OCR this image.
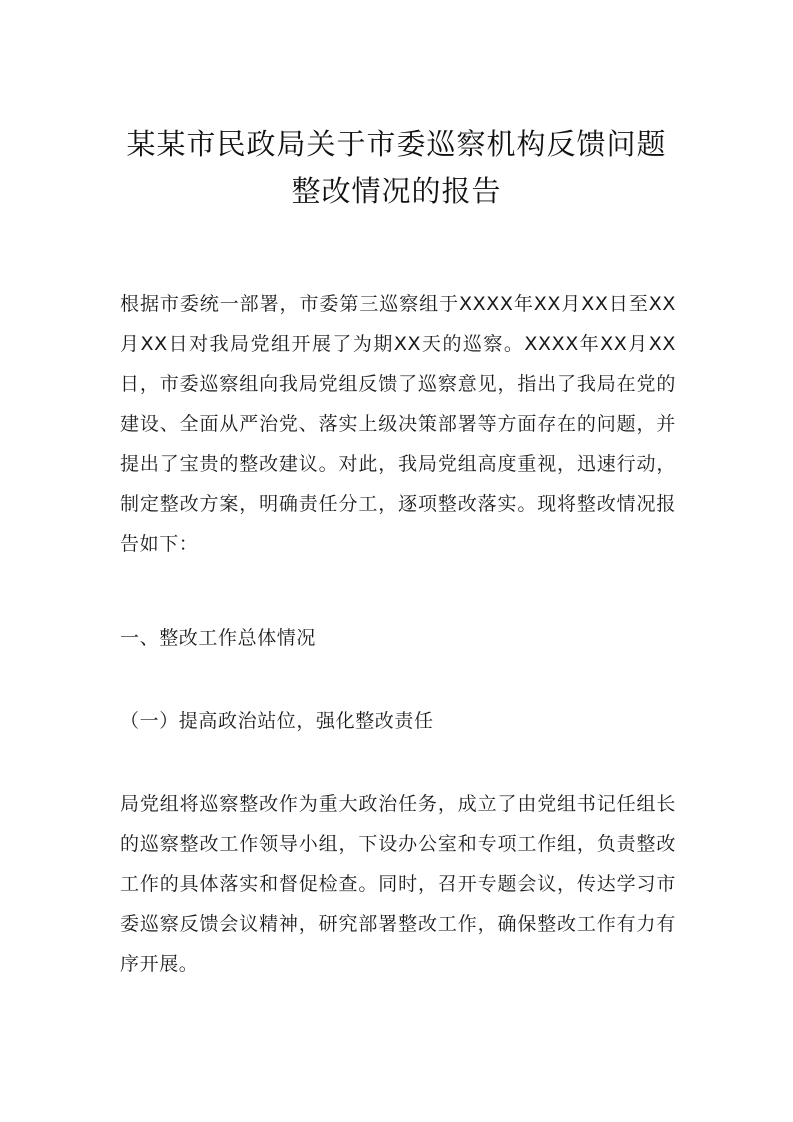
某某市民政局关于市委巡察机构反馈问题
整改情况的报告

根据市委统一部署，市委第三巡察组于XXXX年XX月XX日至XX月XX日对我局党组开展了为期XX天的巡察。XXXX年XX月XX日，市委巡察组向我局党组反馈了巡察意见，指出了我局在党的建设、全面从严治党、落实上级决策部署等方面存在的问题，并提出了宝贵的整改建议。对此，我局党组高度重视，迅速行动，制定整改方案，明确责任分工，逐项整改落实。现将整改情况报告如下：

一、整改工作总体情况
（一）提高政治站位，强化整改责任

局党组将巡察整改作为重大政治任务，成立了由党组书记任组长的巡察整改工作领导小组，下设办公室和专项工作组，负责整改工作的具体落实和督促检查。同时，召开专题会议，传达学习市委巡察反馈会议精神，研究部署整改工作，确保整改工作有力有序开展。
